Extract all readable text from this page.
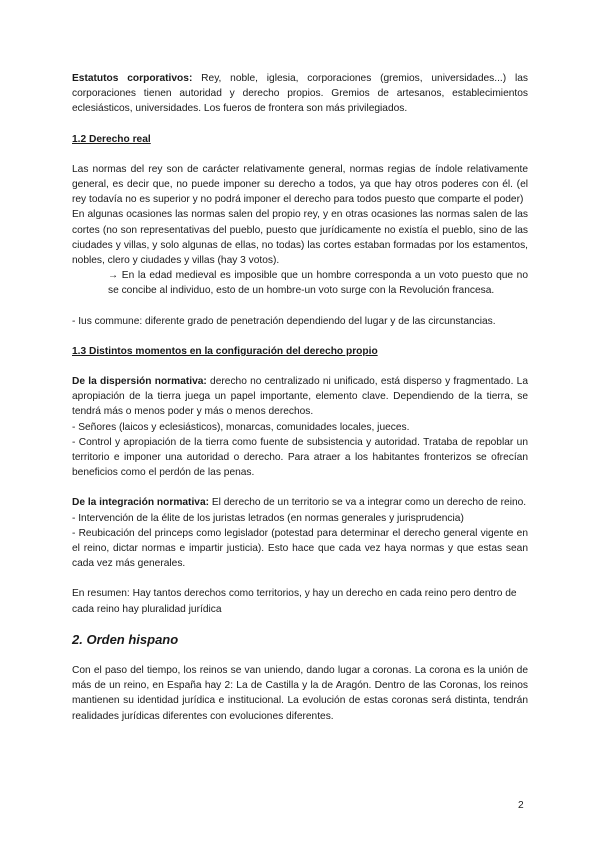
Estatutos corporativos: Rey, noble, iglesia, corporaciones (gremios, universidades...) las corporaciones tienen autoridad y derecho propios. Gremios de artesanos, establecimientos eclesiásticos, universidades. Los fueros de frontera son más privilegiados.

1.2 Derecho real

Las normas del rey son de carácter relativamente general, normas regias de índole relativamente general, es decir que, no puede imponer su derecho a todos, ya que hay otros poderes con él. (el rey todavía no es superior y no podrá imponer el derecho para todos puesto que comparte el poder)

En algunas ocasiones las normas salen del propio rey, y en otras ocasiones las normas salen de las cortes (no son representativas del pueblo, puesto que jurídicamente no existía el pueblo, sino de las ciudades y villas, y solo algunas de ellas, no todas) las cortes estaban formadas por los estamentos, nobles, clero y ciudades y villas (hay 3 votos).

→ En la edad medieval es imposible que un hombre corresponda a un voto puesto que no se concibe al individuo, esto de un hombre-un voto surge con la Revolución francesa.

- Ius commune: diferente grado de penetración dependiendo del lugar y de las circunstancias.

1.3 Distintos momentos en la configuración del derecho propio

De la dispersión normativa: derecho no centralizado ni unificado, está disperso y fragmentado. La apropiación de la tierra juega un papel importante, elemento clave. Dependiendo de la tierra, se tendrá más o menos poder y más o menos derechos.

- Señores (laicos y eclesiásticos), monarcas, comunidades locales, jueces.

- Control y apropiación de la tierra como fuente de subsistencia y autoridad. Trataba de repoblar un territorio e imponer una autoridad o derecho. Para atraer a los habitantes fronterizos se ofrecían beneficios como el perdón de las penas.

De la integración normativa: El derecho de un territorio se va a integrar como un derecho de reino.

- Intervención de la élite de los juristas letrados (en normas generales y jurisprudencia)

- Reubicación del princeps como legislador (potestad para determinar el derecho general vigente en el reino, dictar normas e impartir justicia). Esto hace que cada vez haya normas y que estas sean cada vez más generales.

En resumen: Hay tantos derechos como territorios, y hay un derecho en cada reino pero dentro de cada reino hay pluralidad jurídica

2. Orden hispano

Con el paso del tiempo, los reinos se van uniendo, dando lugar a coronas. La corona es la unión de más de un reino, en España hay 2: La de Castilla y la de Aragón. Dentro de las Coronas, los reinos mantienen su identidad jurídica e institucional. La evolución de estas coronas será distinta, tendrán realidades jurídicas diferentes con evoluciones diferentes.

2
